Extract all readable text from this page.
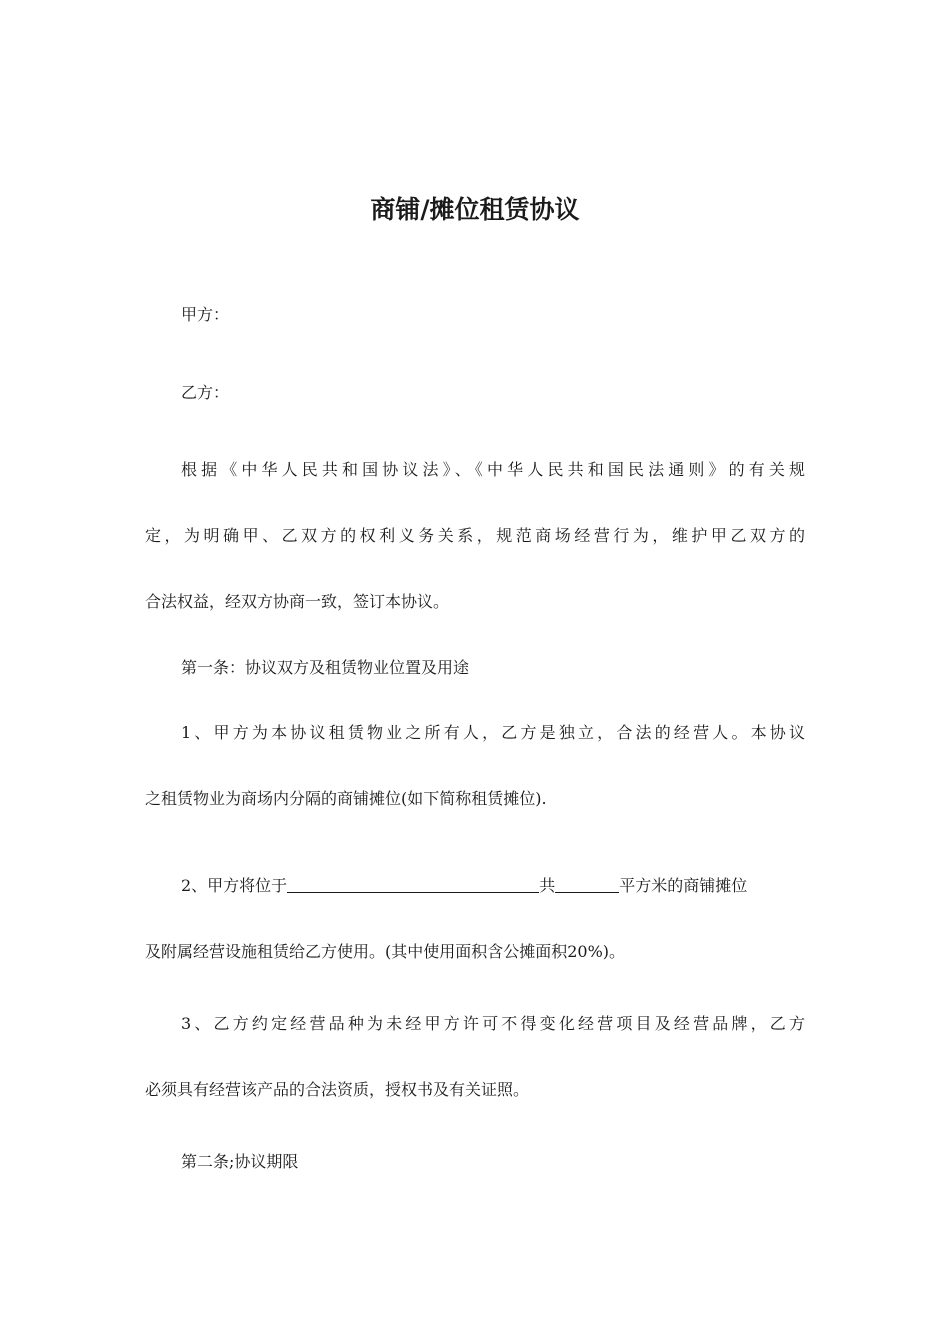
商铺/摊位租赁协议
甲方：
乙方：
根据《中华人民共和国协议法》、《中华人民共和国民法通则》的有关规
定，为明确甲、乙双方的权利义务关系，规范商场经营行为，维护甲乙双方的
合法权益，经双方协商一致，签订本协议。
第一条：协议双方及租赁物业位置及用途
1、甲方为本协议租赁物业之所有人，乙方是独立，合法的经营人。本协议
之租赁物业为商场内分隔的商铺摊位(如下简称租赁摊位).
2、甲方将位于	共	平方米的商铺摊位
及附属经营设施租赁给乙方使用。(其中使用面积含公摊面积20%)。
3、乙方约定经营品种为未经甲方许可不得变化经营项目及经营品牌，乙方
必须具有经营该产品的合法资质，授权书及有关证照。
第二条;协议期限
